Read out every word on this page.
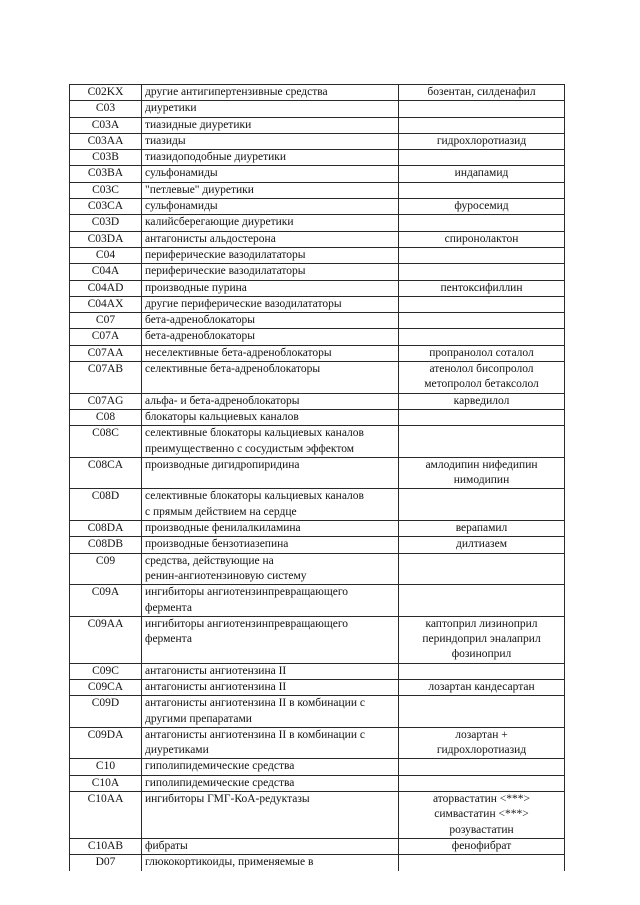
C02KX	другие антигипертензивные средства	бозентан, силденафил
C03	диуретики	
C03A	тиазидные диуретики	
C03AA	тиазиды	гидрохлоротиазид
C03B	тиазидоподобные диуретики	
C03BA	сульфонамиды	индапамид
C03C	"петлевые" диуретики	
C03CA	сульфонамиды	фуросемид
C03D	калийсберегающие диуретики	
C03DA	антагонисты альдостерона	спиронолактон
C04	периферические вазодилататоры	
C04A	периферические вазодилататоры	
C04AD	производные пурина	пентоксифиллин
C04AX	другие периферические вазодилататоры	
C07	бета-адреноблокаторы	
C07A	бета-адреноблокаторы	
C07AA	неселективные бета-адреноблокаторы	пропранолол соталол
C07AB	селективные бета-адреноблокаторы	атенолол бисопролол
метопролол бетаксолол
C07AG	альфа- и бета-адреноблокаторы	карведилол
C08	блокаторы кальциевых каналов	
C08C	селективные блокаторы кальциевых каналов
преимущественно с сосудистым эффектом	
C08CA	производные дигидропиридина	амлодипин нифедипин
нимодипин
C08D	селективные блокаторы кальциевых каналов
с прямым действием на сердце	
C08DA	производные фенилалкиламина	верапамил
C08DB	производные бензотиазепина	дилтиазем
C09	средства, действующие на
ренин-ангиотензиновую систему	
C09A	ингибиторы ангиотензинпревращающего
фермента	
C09AA	ингибиторы ангиотензинпревращающего
фермента	каптоприл лизиноприл
периндоприл эналаприл
фозиноприл
C09C	антагонисты ангиотензина II	
C09CA	антагонисты ангиотензина II	лозартан кандесартан
C09D	антагонисты ангиотензина II в комбинации с
другими препаратами	
C09DA	антагонисты ангиотензина II в комбинации с
диуретиками	лозартан +
гидрохлоротиазид
C10	гиполипидемические средства	
C10A	гиполипидемические средства	
C10AA	ингибиторы ГМГ-КоА-редуктазы	аторвастатин <***>
симвастатин <***>
розувастатин
C10AB	фибраты	фенофибрат
D07	глюкокортикоиды, применяемые в	
